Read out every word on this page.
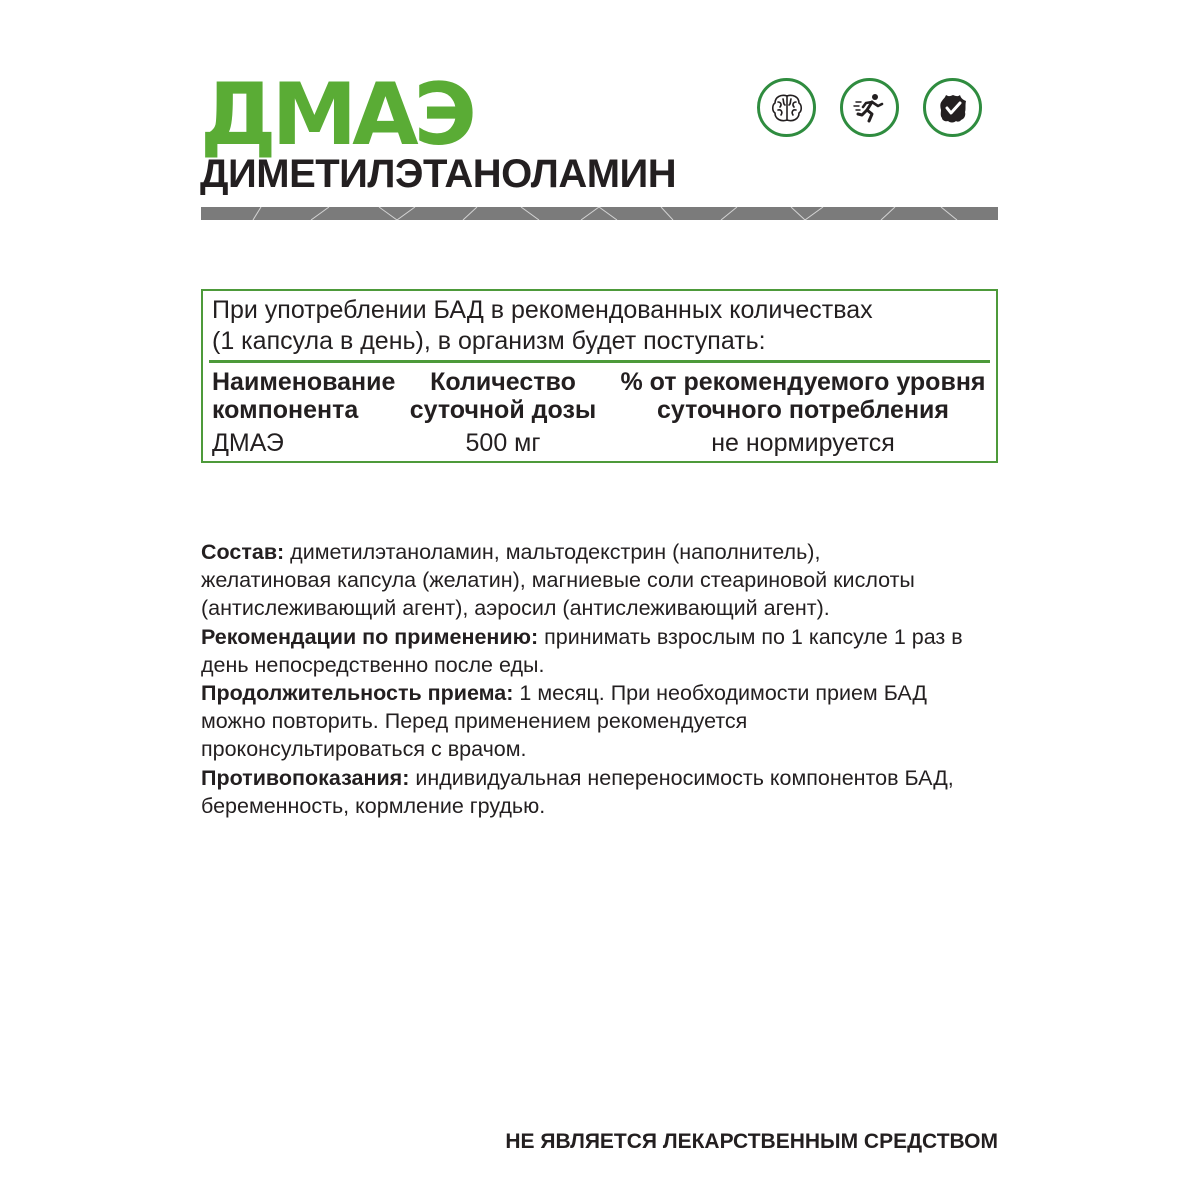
ДМАЭ
ДИМЕТИЛЭТАНОЛАМИН
При употреблении БАД в рекомендованных количествах
(1 капсула в день), в организм будет поступать:
Наименование
компонента
Количество
суточной дозы
% от рекомендуемого уровня
суточного потребления
ДМАЭ	500 мг	не нормируется
Состав: диметилэтаноламин, мальтодекстрин (наполнитель),
желатиновая капсула (желатин), магниевые соли стеариновой кислоты
(антислеживающий агент), аэросил (антислеживающий агент).
Рекомендации по применению: принимать взрослым по 1 капсуле 1 раз в
день непосредственно после еды.
Продолжительность приема: 1 месяц. При необходимости прием БАД
можно повторить. Перед применением рекомендуется
проконсультироваться с врачом.
Противопоказания: индивидуальная непереносимость компонентов БАД,
беременность, кормление грудью.
НЕ ЯВЛЯЕТСЯ ЛЕКАРСТВЕННЫМ СРЕДСТВОМ
